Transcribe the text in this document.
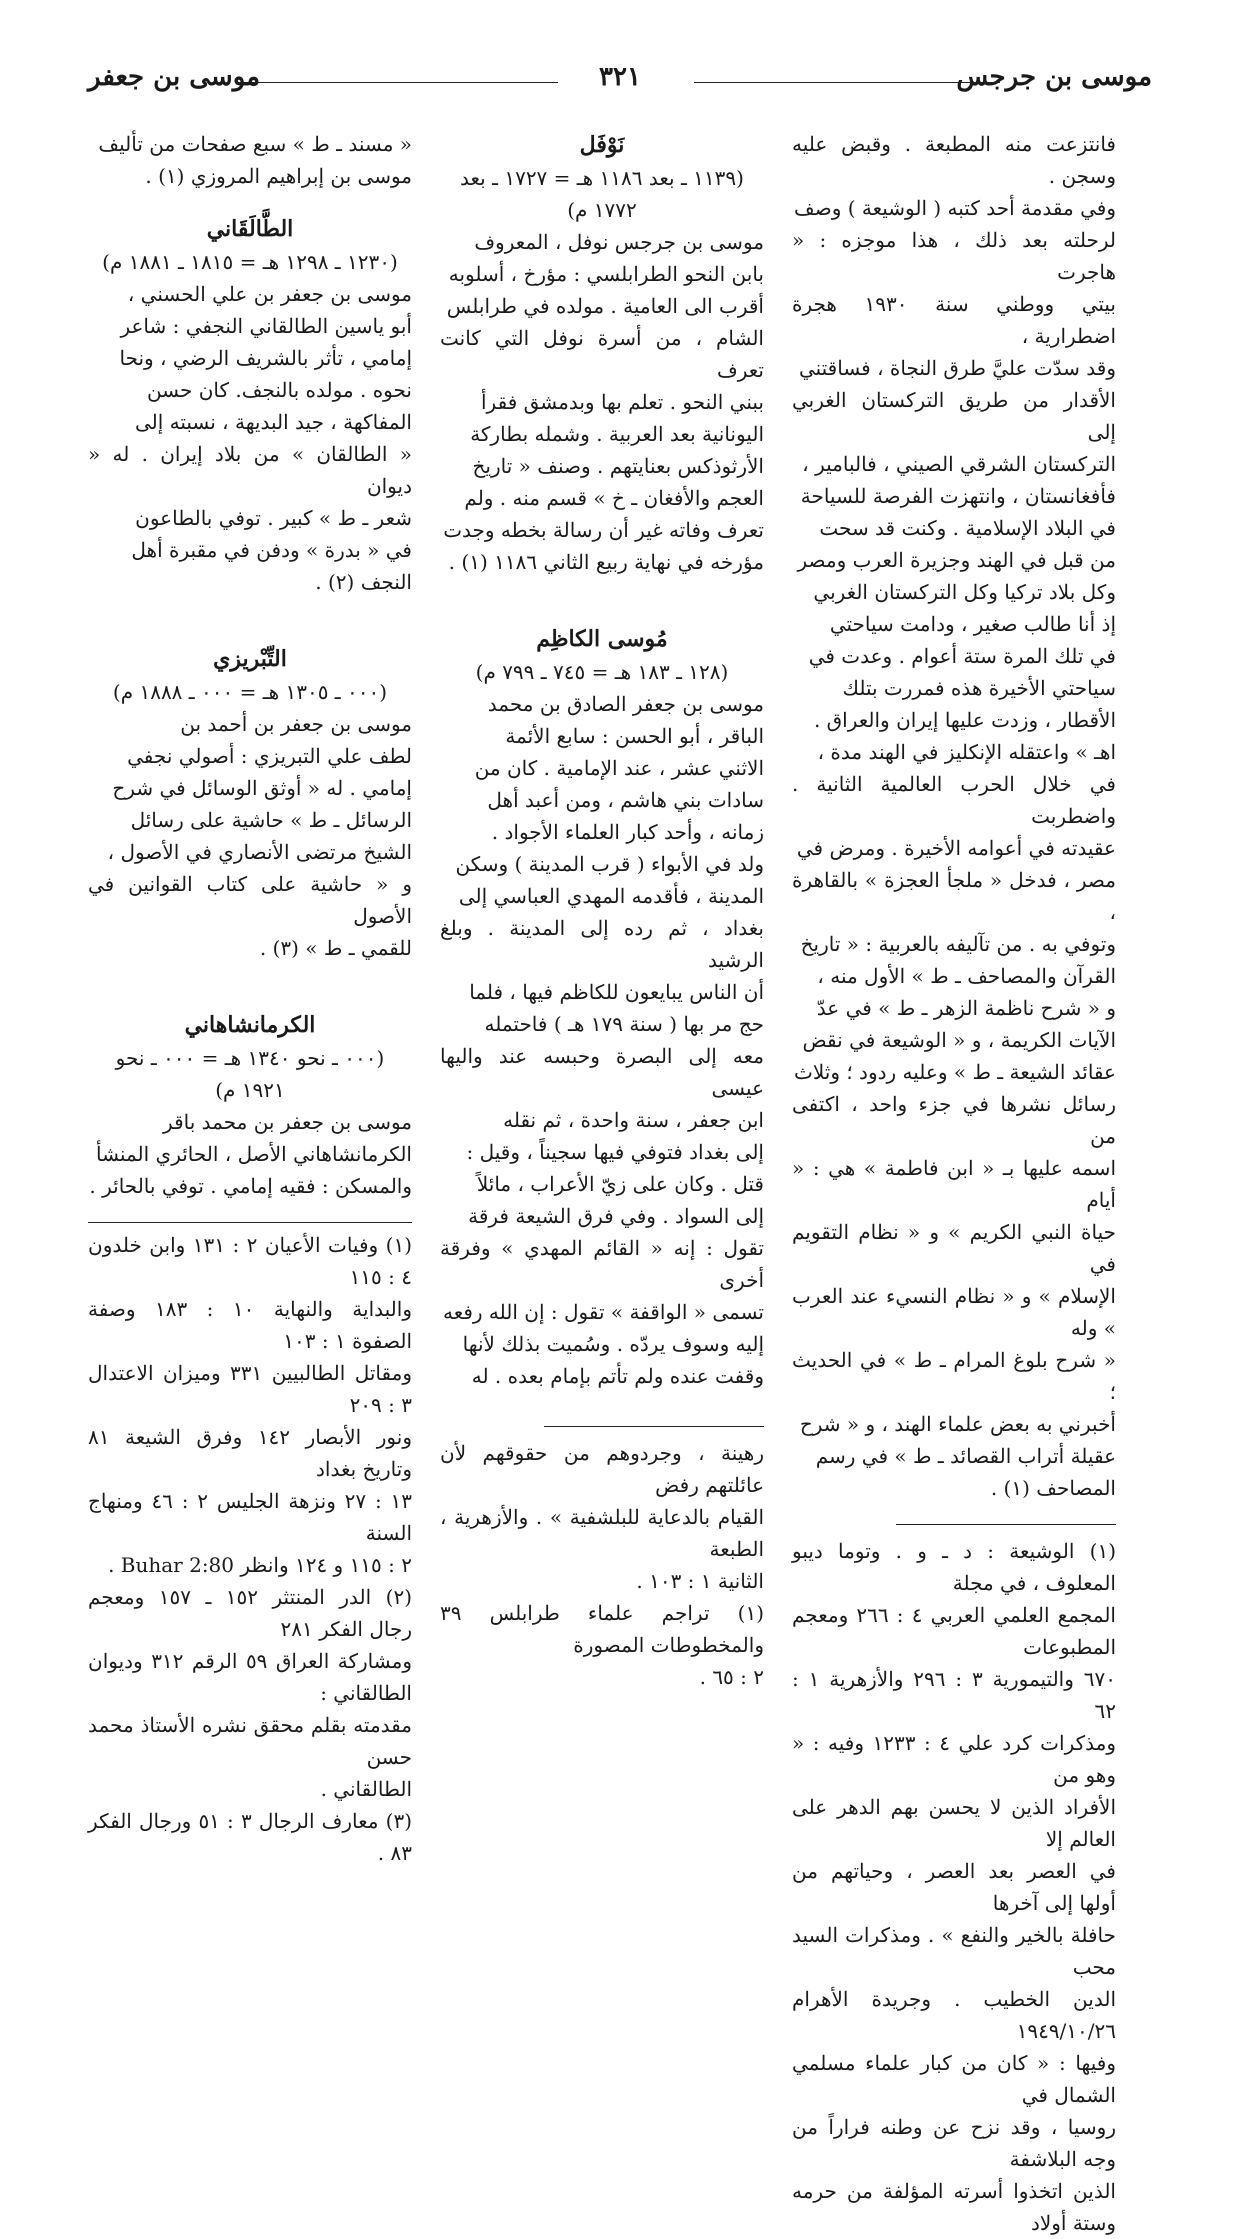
موسى بن جرجس
٣٢١
موسى بن جعفر

فانتزعت منه المطبعة . وقبض عليه وسجن .

وفي مقدمة أحد كتبه ( الوشيعة ) وصف

لرحلته بعد ذلك ، هذا موجزه : « هاجرت

بيتي ووطني سنة ١٩٣٠ هجرة اضطرارية ،

وقد سدّت عليَّ طرق النجاة ، فساقتني

الأقدار من طريق التركستان الغربي إلى

التركستان الشرقي الصيني ، فالبامير ،

فأفغانستان ، وانتهزت الفرصة للسياحة

في البلاد الإسلامية . وكنت قد سحت

من قبل في الهند وجزيرة العرب ومصر

وكل بلاد تركيا وكل التركستان الغربي

إذ أنا طالب صغير ، ودامت سياحتي

في تلك المرة ستة أعوام . وعدت في

سياحتي الأخيرة هذه فمررت بتلك

الأقطار ، وزدت عليها إيران والعراق .

اهـ » واعتقله الإنكليز في الهند مدة ،

في خلال الحرب العالمية الثانية . واضطربت

عقيدته في أعوامه الأخيرة . ومرض في

مصر ، فدخل « ملجأ العجزة » بالقاهرة ،

وتوفي به . من تآليفه بالعربية : « تاريخ

القرآن والمصاحف ـ ط » الأول منه ،

و « شرح ناظمة الزهر ـ ط » في عدّ

الآيات الكريمة ، و « الوشيعة في نقض

عقائد الشيعة ـ ط » وعليه ردود ؛ وثلاث

رسائل نشرها في جزء واحد ، اكتفى من

اسمه عليها بـ « ابن فاطمة » هي : « أيام

حياة النبي الكريم » و « نظام التقويم في

الإسلام » و « نظام النسيء عند العرب » وله

« شرح بلوغ المرام ـ ط » في الحديث ؛

أخبرني به بعض علماء الهند ، و « شرح

عقيلة أتراب القصائد ـ ط » في رسم

المصاحف (١) .

(١) الوشيعة : د ـ و . وتوما ديبو المعلوف ، في مجلة

المجمع العلمي العربي ٤ : ٢٦٦ ومعجم المطبوعات

٦٧٠ والتيمورية ٣ : ٢٩٦ والأزهرية ١ : ٦٢

ومذكرات كرد علي ٤ : ١٢٣٣ وفيه : « وهو من

الأفراد الذين لا يحسن بهم الدهر على العالم إلا

في العصر بعد العصر ، وحياتهم من أولها إلى آخرها

حافلة بالخير والنفع » . ومذكرات السيد محب

الدين الخطيب . وجريدة الأهرام ١٩٤٩/١٠/٢٦

وفيها : « كان من كبار علماء مسلمي الشمال في

روسيا ، وقد نزح عن وطنه فراراً من وجه البلاشفة

الذين اتخذوا أسرته المؤلفة من حرمه وستة أولاد

نَوْفَل

(١١٣٩ ـ بعد ١١٨٦ هـ = ١٧٢٧ ـ بعد

١٧٧٢ م)

موسى بن جرجس نوفل ، المعروف

بابن النحو الطرابلسي : مؤرخ ، أسلوبه

أقرب الى العامية . مولده في طرابلس

الشام ، من أسرة نوفل التي كانت تعرف

ببني النحو . تعلم بها وبدمشق فقرأ

اليونانية بعد العربية . وشمله بطاركة

الأرثوذكس بعنايتهم . وصنف « تاريخ

العجم والأفغان ـ خ » قسم منه . ولم

تعرف وفاته غير أن رسالة بخطه وجدت

مؤرخه في نهاية ربيع الثاني ١١٨٦ (١) .

مُوسى الكاظِم

(١٢٨ ـ ١٨٣ هـ = ٧٤٥ ـ ٧٩٩ م)

موسى بن جعفر الصادق بن محمد

الباقر ، أبو الحسن : سابع الأئمة

الاثني عشر ، عند الإمامية . كان من

سادات بني هاشم ، ومن أعبد أهل

زمانه ، وأحد كبار العلماء الأجواد .

ولد في الأبواء ( قرب المدينة ) وسكن

المدينة ، فأقدمه المهدي العباسي إلى

بغداد ، ثم رده إلى المدينة . وبلغ الرشيد

أن الناس يبايعون للكاظم فيها ، فلما

حج مر بها ( سنة ١٧٩ هـ ) فاحتمله

معه إلى البصرة وحبسه عند واليها عيسى

ابن جعفر ، سنة واحدة ، ثم نقله

إلى بغداد فتوفي فيها سجيناً ، وقيل :

قتل . وكان على زيّ الأعراب ، مائلاً

إلى السواد . وفي فرق الشيعة فرقة

تقول : إنه « القائم المهدي » وفرقة أخرى

تسمى « الواقفة » تقول : إن الله رفعه

إليه وسوف يردّه . وسُميت بذلك لأنها

وقفت عنده ولم تأتم بإمام بعده . له

رهينة ، وجردوهم من حقوقهم لأن عائلتهم رفض

القيام بالدعاية للبلشفية » . والأزهرية ، الطبعة

الثانية ١ : ١٠٣ .

(١) تراجم علماء طرابلس ٣٩ والمخطوطات المصورة

٢ : ٦٥ .

« مسند ـ ط » سبع صفحات من تأليف

موسى بن إبراهيم المروزي (١) .

الطَّالَقَاني

(١٢٣٠ ـ ١٢٩٨ هـ = ١٨١٥ ـ ١٨٨١ م)

موسى بن جعفر بن علي الحسني ،

أبو ياسين الطالقاني النجفي : شاعر

إمامي ، تأثر بالشريف الرضي ، ونحا

نحوه . مولده بالنجف. كان حسن

المفاكهة ، جيد البديهة ، نسبته إلى

« الطالقان » من بلاد إيران . له « ديوان

شعر ـ ط » كبير . توفي بالطاعون

في « بدرة » ودفن في مقبرة أهل

النجف (٢) .

التِّبْريزي

(٠٠٠ ـ ١٣٠٥ هـ = ٠٠٠ ـ ١٨٨٨ م)

موسى بن جعفر بن أحمد بن

لطف علي التبريزي : أصولي نجفي

إمامي . له « أوثق الوسائل في شرح

الرسائل ـ ط » حاشية على رسائل

الشيخ مرتضى الأنصاري في الأصول ،

و « حاشية على كتاب القوانين في الأصول

للقمي ـ ط » (٣) .

الكرمانشاهاني

(٠٠٠ ـ نحو ١٣٤٠ هـ = ٠٠٠ ـ نحو

١٩٢١ م)

موسى بن جعفر بن محمد باقر

الكرمانشاهاني الأصل ، الحائري المنشأ

والمسكن : فقيه إمامي . توفي بالحائر .

(١) وفيات الأعيان ٢ : ١٣١ وابن خلدون ٤ : ١١٥

والبداية والنهاية ١٠ : ١٨٣ وصفة الصفوة ١ : ١٠٣

ومقاتل الطالبيين ٣٣١ وميزان الاعتدال ٣ : ٢٠٩

ونور الأبصار ١٤٢ وفرق الشيعة ٨١ وتاريخ بغداد

١٣ : ٢٧ ونزهة الجليس ٢ : ٤٦ ومنهاج السنة

٢ : ١١٥ و ١٢٤ وانظر Buhar 2:80 .

(٢) الدر المنتثر ١٥٢ ـ ١٥٧ ومعجم رجال الفكر ٢٨١

ومشاركة العراق ٥٩ الرقم ٣١٢ وديوان الطالقاني :

مقدمته بقلم محقق نشره الأستاذ محمد حسن

الطالقاني .

(٣) معارف الرجال ٣ : ٥١ ورجال الفكر ٨٣ .
